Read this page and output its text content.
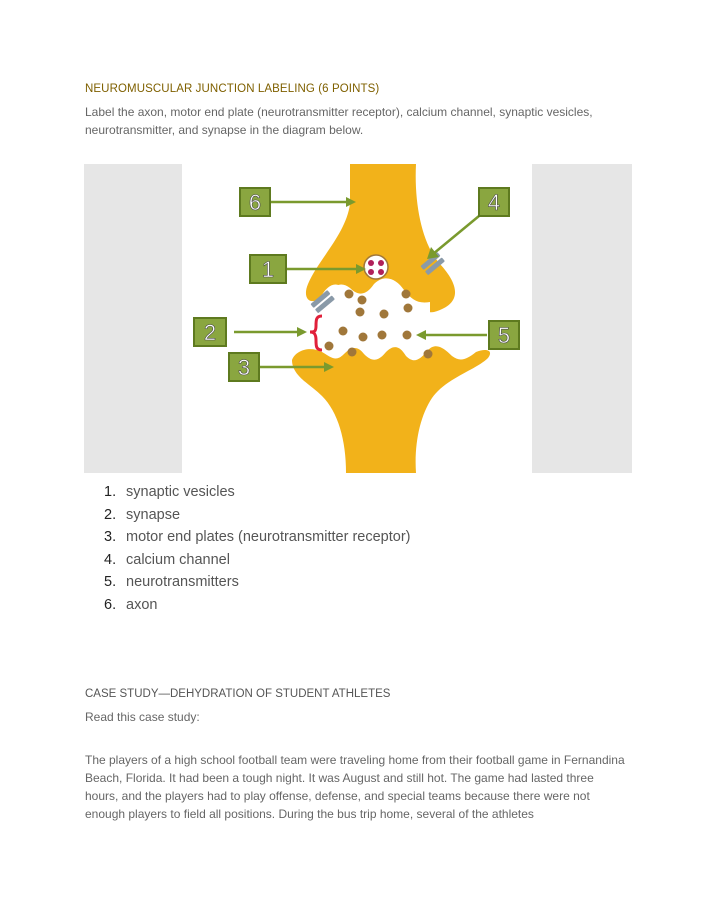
NEUROMUSCULAR JUNCTION LABELING (6 POINTS)
Label the axon, motor end plate (neurotransmitter receptor), calcium channel, synaptic vesicles, neurotransmitter, and synapse in the diagram below.
6	4
1
2	5
3
1. synaptic vesicles
2. synapse
3. motor end plates (neurotransmitter receptor)
4. calcium channel
5. neurotransmitters
6. axon
CASE STUDY—DEHYDRATION OF STUDENT ATHLETES
Read this case study:
The players of a high school football team were traveling home from their football game in Fernandina Beach, Florida. It had been a tough night. It was August and still hot. The game had lasted three hours, and the players had to play offense, defense, and special teams because there were not enough players to field all positions. During the bus trip home, several of the athletes
